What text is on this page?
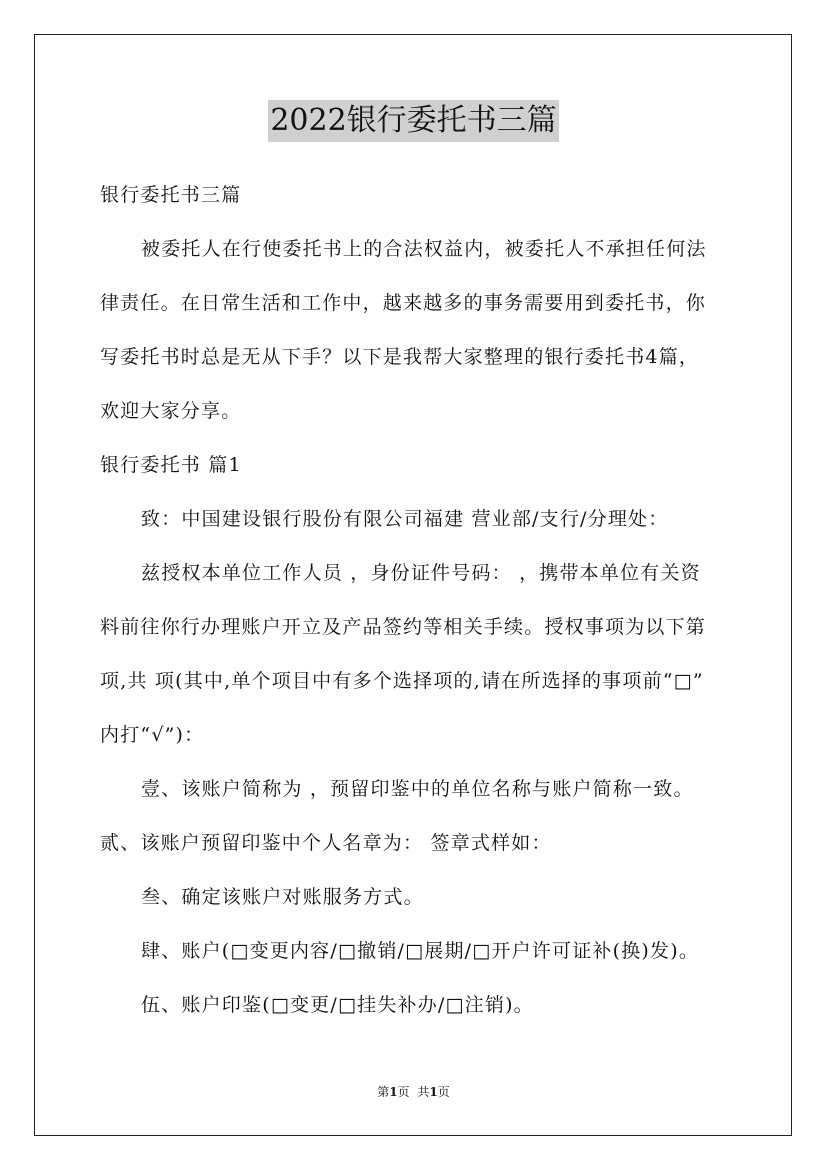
2022银行委托书三篇
银行委托书三篇
被委托人在行使委托书上的合法权益内，被委托人不承担任何法
律责任。在日常生活和工作中，越来越多的事务需要用到委托书，你
写委托书时总是无从下手？以下是我帮大家整理的银行委托书4篇，
欢迎大家分享。
银行委托书 篇1
致：中国建设银行股份有限公司福建 营业部/支行/分理处：
兹授权本单位工作人员 ，身份证件号码： ，携带本单位有关资
料前往你行办理账户开立及产品签约等相关手续。授权事项为以下第
项,共 项(其中,单个项目中有多个选择项的,请在所选择的事项前“□”
内打“√”)：
壹、该账户简称为 ，预留印鉴中的单位名称与账户简称一致。
贰、该账户预留印鉴中个人名章为： 签章式样如：
叁、确定该账户对账服务方式。
肆、账户(□变更内容/□撤销/□展期/□开户许可证补(换)发)。
伍、账户印鉴(□变更/□挂失补办/□注销)。
第1页 共1页
